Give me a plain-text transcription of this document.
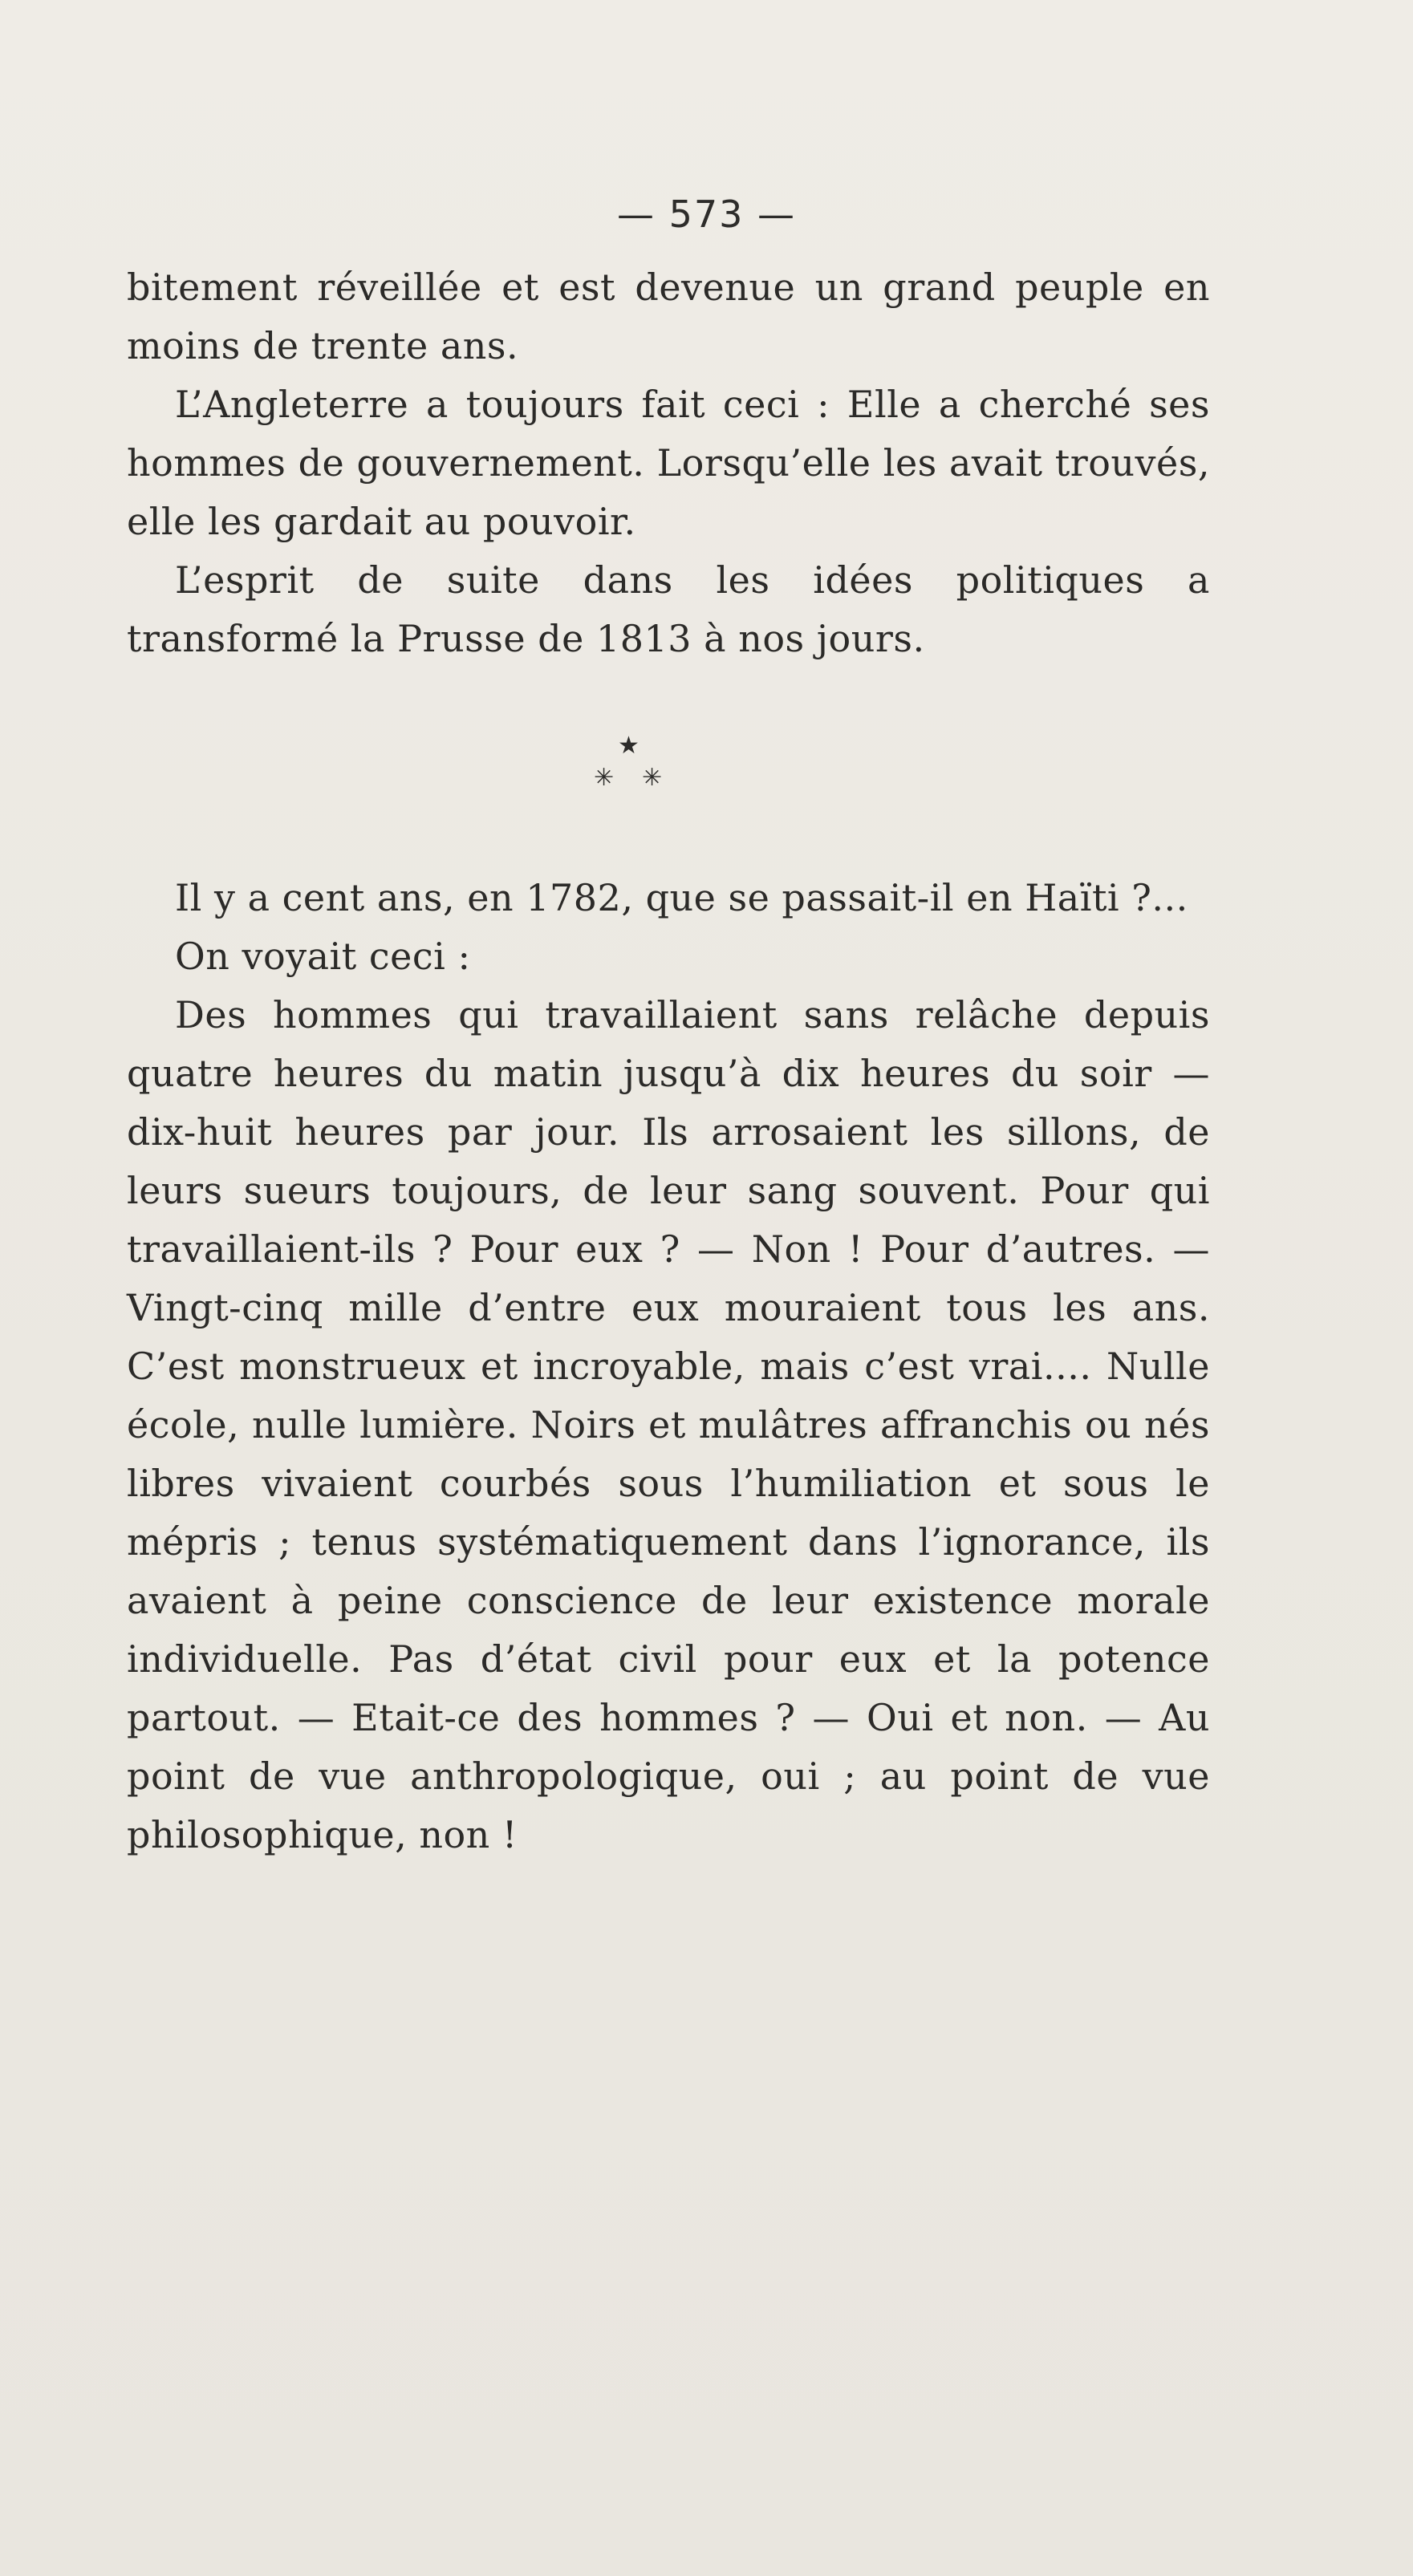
— 573 —

bitement réveillée et est devenue un grand peuple en moins de trente ans.

L’Angleterre a toujours fait ceci : Elle a cherché ses hommes de gouvernement. Lorsqu’elle les avait trouvés, elle les gardait au pouvoir.

L’esprit de suite dans les idées politiques a transformé la Prusse de 1813 à nos jours.

★
✳ ✳

Il y a cent ans, en 1782, que se passait-il en Haïti ?...

On voyait ceci :

Des hommes qui travaillaient sans relâche depuis quatre heures du matin jusqu’à dix heures du soir — dix-huit heures par jour. Ils arrosaient les sillons, de leurs sueurs toujours, de leur sang souvent. Pour qui travaillaient-ils ? Pour eux ? — Non ! Pour d’autres. — Vingt-cinq mille d’entre eux mouraient tous les ans. C’est monstrueux et incroyable, mais c’est vrai.... Nulle école, nulle lumière. Noirs et mulâtres affranchis ou nés libres vivaient courbés sous l’humiliation et sous le mépris ; tenus systématiquement dans l’ignorance, ils avaient à peine conscience de leur existence morale individuelle. Pas d’état civil pour eux et la potence partout. — Etait-ce des hommes ? — Oui et non. — Au point de vue anthropologique, oui ; au point de vue philosophique, non !
